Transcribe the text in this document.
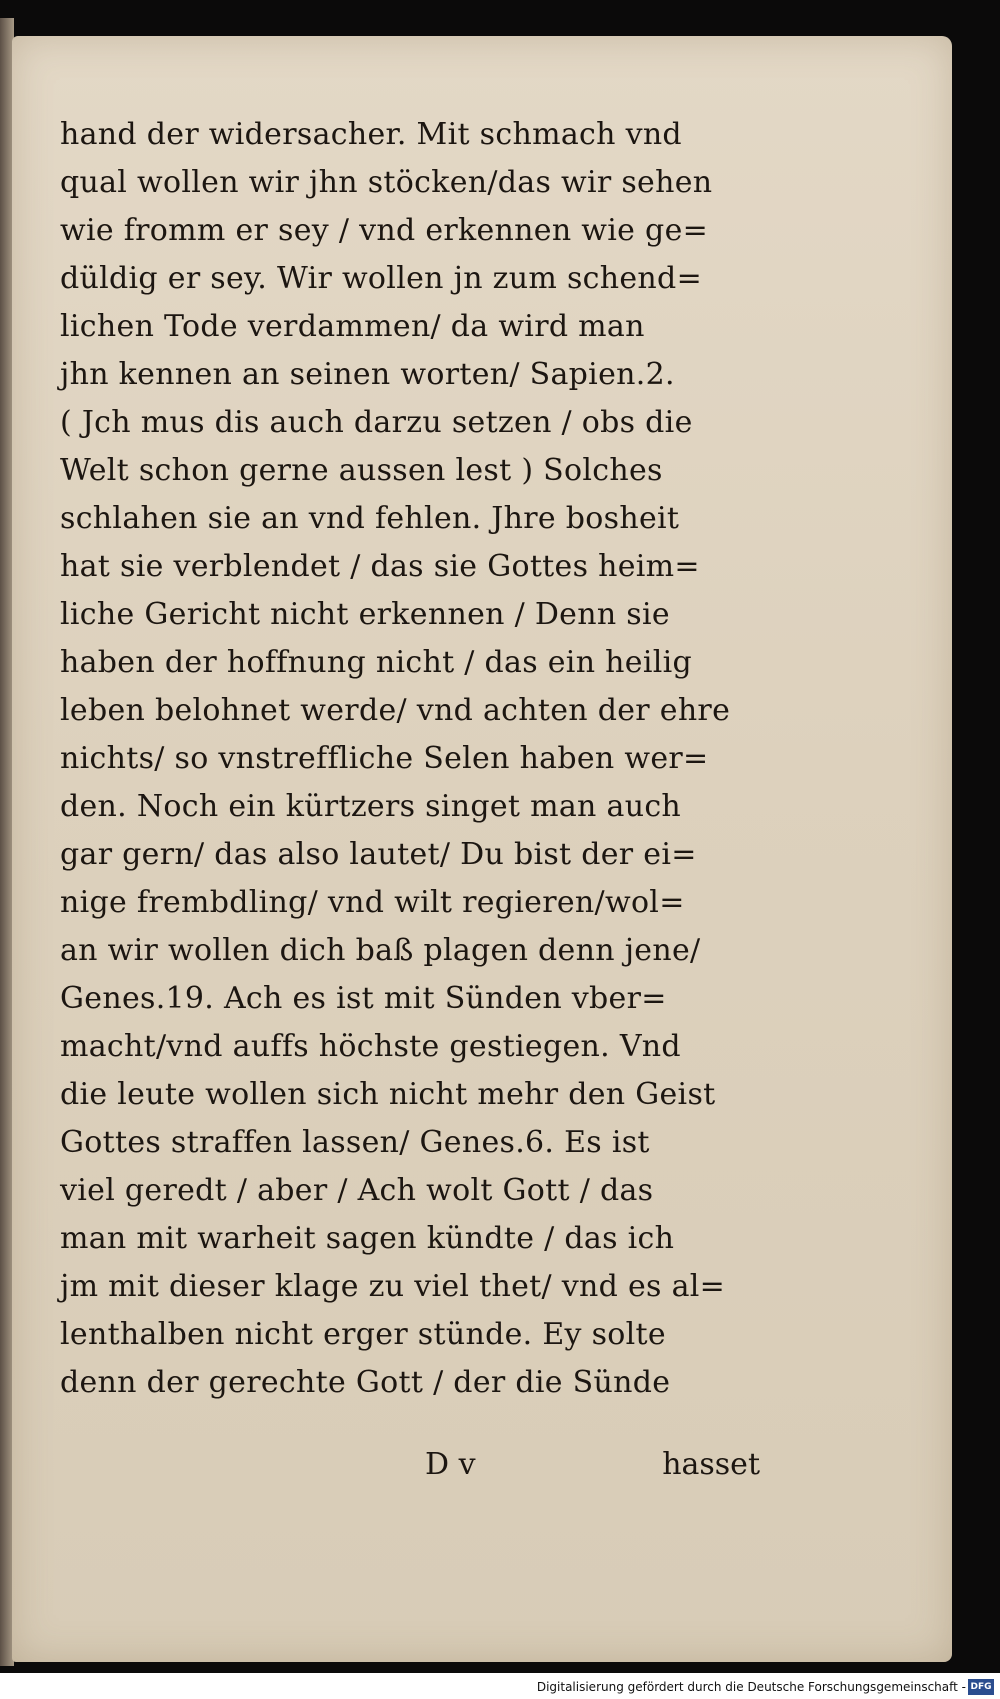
hand der widersacher. Mit schmach vnd
qual wollen wir jhn stöcken/das wir sehen
wie fromm er sey / vnd erkennen wie ge=
düldig er sey. Wir wollen jn zum schend=
lichen Tode verdammen/ da wird man
jhn kennen an seinen worten/ Sapien.2.
( Jch mus dis auch darzu setzen / obs die
Welt schon gerne aussen lest ) Solches
schlahen sie an vnd fehlen. Jhre bosheit
hat sie verblendet / das sie Gottes heim=
liche Gericht nicht erkennen / Denn sie
haben der hoffnung nicht / das ein heilig
leben belohnet werde/ vnd achten der ehre
nichts/ so vnstreffliche Selen haben wer=
den. Noch ein kürtzers singet man auch
gar gern/ das also lautet/ Du bist der ei=
nige frembdling/ vnd wilt regieren/wol=
an wir wollen dich baß plagen denn jene/
Genes.19. Ach es ist mit Sünden vber=
macht/vnd auffs höchste gestiegen. Vnd
die leute wollen sich nicht mehr den Geist
Gottes straffen lassen/ Genes.6. Es ist
viel geredt / aber / Ach wolt Gott / das
man mit warheit sagen kündte / das ich
jm mit dieser klage zu viel thet/ vnd es al=
lenthalben nicht erger stünde. Ey solte
denn der gerechte Gott / der die Sünde
D v	hasset
Digitalisierung gefördert durch die Deutsche Forschungsgemeinschaft - DFG
